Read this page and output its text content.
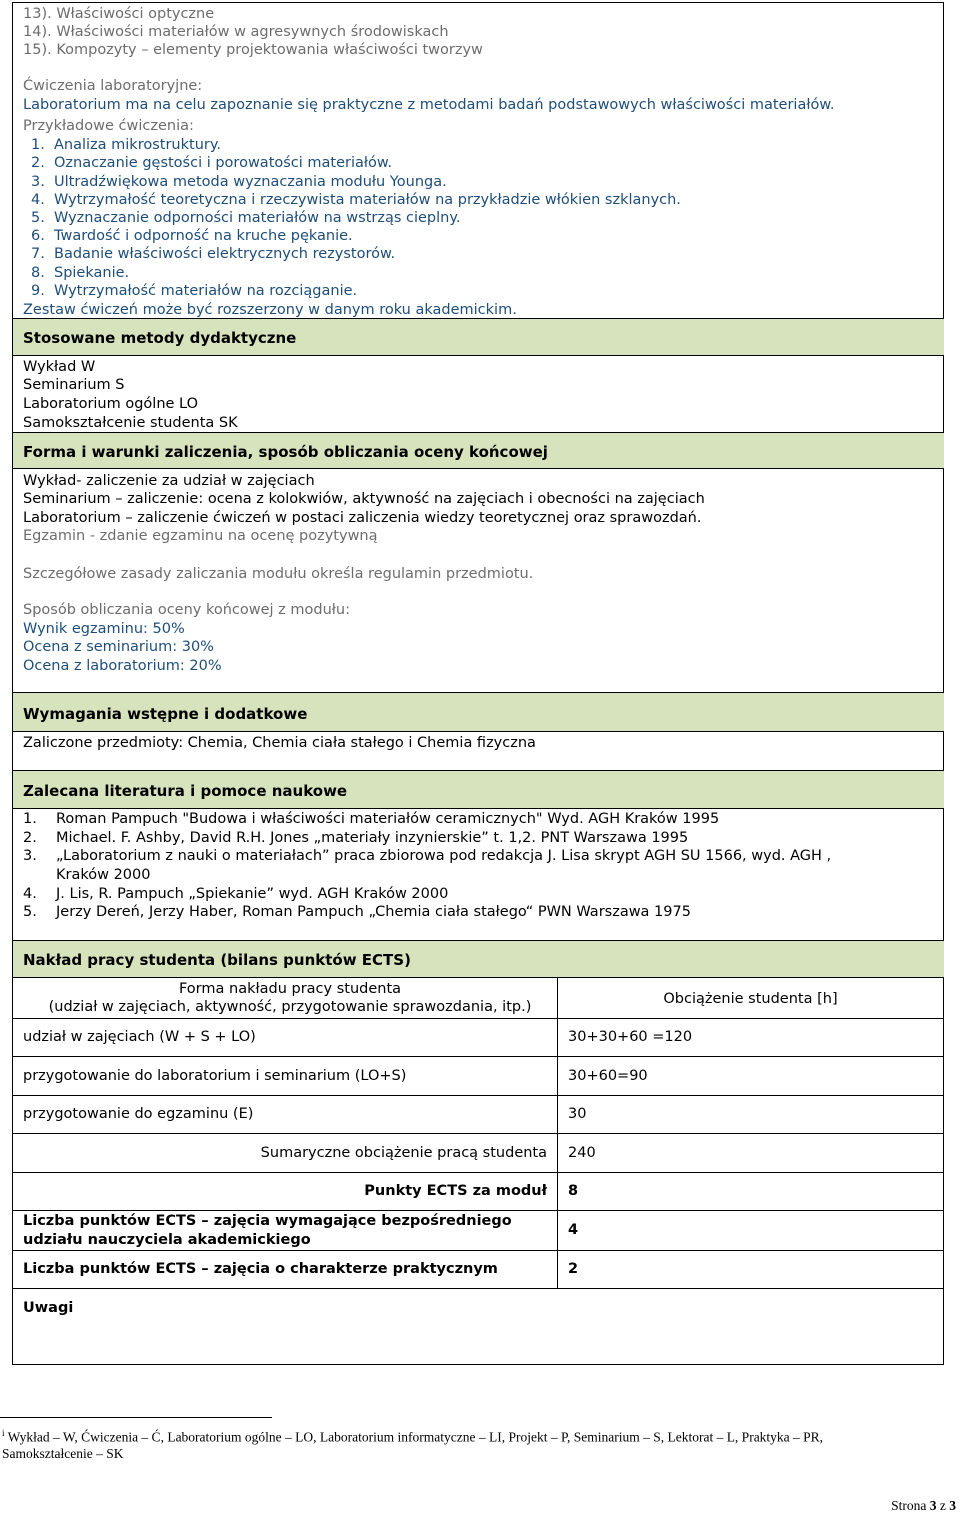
13). Właściwości optyczne
14). Właściwości materiałów w agresywnych środowiskach
15). Kompozyty – elementy projektowania właściwości tworzyw
Ćwiczenia laboratoryjne:
Laboratorium ma na celu zapoznanie się praktyczne z metodami badań podstawowych właściwości materiałów.
Przykładowe ćwiczenia:
1. Analiza mikrostruktury.
2. Oznaczanie gęstości i porowatości materiałów.
3. Ultradźwiękowa metoda wyznaczania modułu Younga.
4. Wytrzymałość teoretyczna i rzeczywista materiałów na przykładzie włókien szklanych.
5. Wyznaczanie odporności materiałów na wstrząs cieplny.
6. Twardość i odporność na kruche pękanie.
7. Badanie właściwości elektrycznych rezystorów.
8. Spiekanie.
9. Wytrzymałość materiałów na rozciąganie.
Zestaw ćwiczeń może być rozszerzony w danym roku akademickim.
Stosowane metody dydaktyczne
Wykład W
Seminarium S
Laboratorium ogólne LO
Samokształcenie studenta SK
Forma i warunki zaliczenia, sposób obliczania oceny końcowej
Wykład- zaliczenie za udział w zajęciach
Seminarium – zaliczenie: ocena z kolokwiów, aktywność na zajęciach i obecności na zajęciach
Laboratorium – zaliczenie ćwiczeń w postaci zaliczenia wiedzy teoretycznej oraz sprawozdań.
Egzamin - zdanie egzaminu na ocenę pozytywną
Szczegółowe zasady zaliczania modułu określa regulamin przedmiotu.
Sposób obliczania oceny końcowej z modułu:
Wynik egzaminu: 50%
Ocena z seminarium: 30%
Ocena z laboratorium: 20%
Wymagania wstępne i dodatkowe
Zaliczone przedmioty: Chemia, Chemia ciała stałego i Chemia fizyczna
Zalecana literatura i pomoce naukowe
1. Roman Pampuch "Budowa i właściwości materiałów ceramicznych" Wyd. AGH Kraków 1995
2. Michael. F. Ashby, David R.H. Jones „materiały inzynierskie” t. 1,2. PNT Warszawa 1995
3. „Laboratorium z nauki o materiałach” praca zbiorowa pod redakcja J. Lisa skrypt AGH SU 1566, wyd. AGH ,
Kraków 2000
4. J. Lis, R. Pampuch „Spiekanie” wyd. AGH Kraków 2000
5. Jerzy Dereń, Jerzy Haber, Roman Pampuch „Chemia ciała stałego“ PWN Warszawa 1975
Nakład pracy studenta (bilans punktów ECTS)
Forma nakładu pracy studenta
(udział w zajęciach, aktywność, przygotowanie sprawozdania, itp.)	Obciążenie studenta [h]
udział w zajęciach (W + S + LO)	30+30+60 =120
przygotowanie do laboratorium i seminarium (LO+S)	30+60=90
przygotowanie do egzaminu (E)	30
Sumaryczne obciążenie pracą studenta 240
Punkty ECTS za moduł 8
Liczba punktów ECTS – zajęcia wymagające bezpośredniego
udziału nauczyciela akademickiego
4
Liczba punktów ECTS – zajęcia o charakterze praktycznym	2
Uwagi
$^i$ Wykład – W, Ćwiczenia – Ć, Laboratorium ogólne – LO, Laboratorium informatyczne – LI, Projekt – P, Seminarium – S, Lektorat – L, Praktyka – PR,
Samokształcenie – SK
Strona 3 z 3
